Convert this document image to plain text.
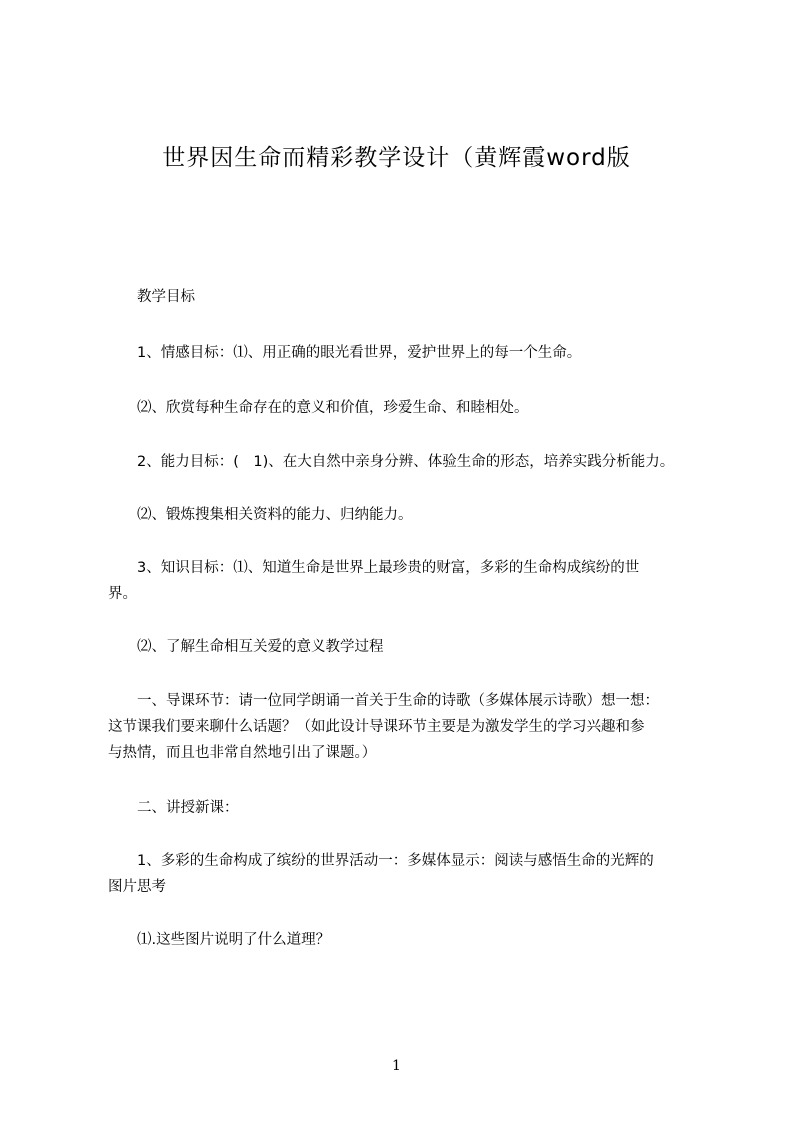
世界因生命而精彩教学设计（黄辉霞word版
　　教学目标
　　1、情感目标：⑴、用正确的眼光看世界，爱护世界上的每一个生命。
　　⑵、欣赏每种生命存在的意义和价值，珍爱生命、和睦相处。
　　2、能力目标：(　1)、在大自然中亲身分辨、体验生命的形态，培养实践分析能力。
　　⑵、锻炼搜集相关资料的能力、归纳能力。
　　3、知识目标：⑴、知道生命是世界上最珍贵的财富，多彩的生命构成缤纷的世
界。
　　⑵、了解生命相互关爱的意义教学过程
　　一、导课环节：请一位同学朗诵一首关于生命的诗歌（多媒体展示诗歌）想一想：
这节课我们要来聊什么话题？（如此设计导课环节主要是为激发学生的学习兴趣和参
与热情，而且也非常自然地引出了课题。）
　　二、讲授新课：
　　1、多彩的生命构成了缤纷的世界活动一：多媒体显示：阅读与感悟生命的光辉的
图片思考
　　⑴.这些图片说明了什么道理？
1
